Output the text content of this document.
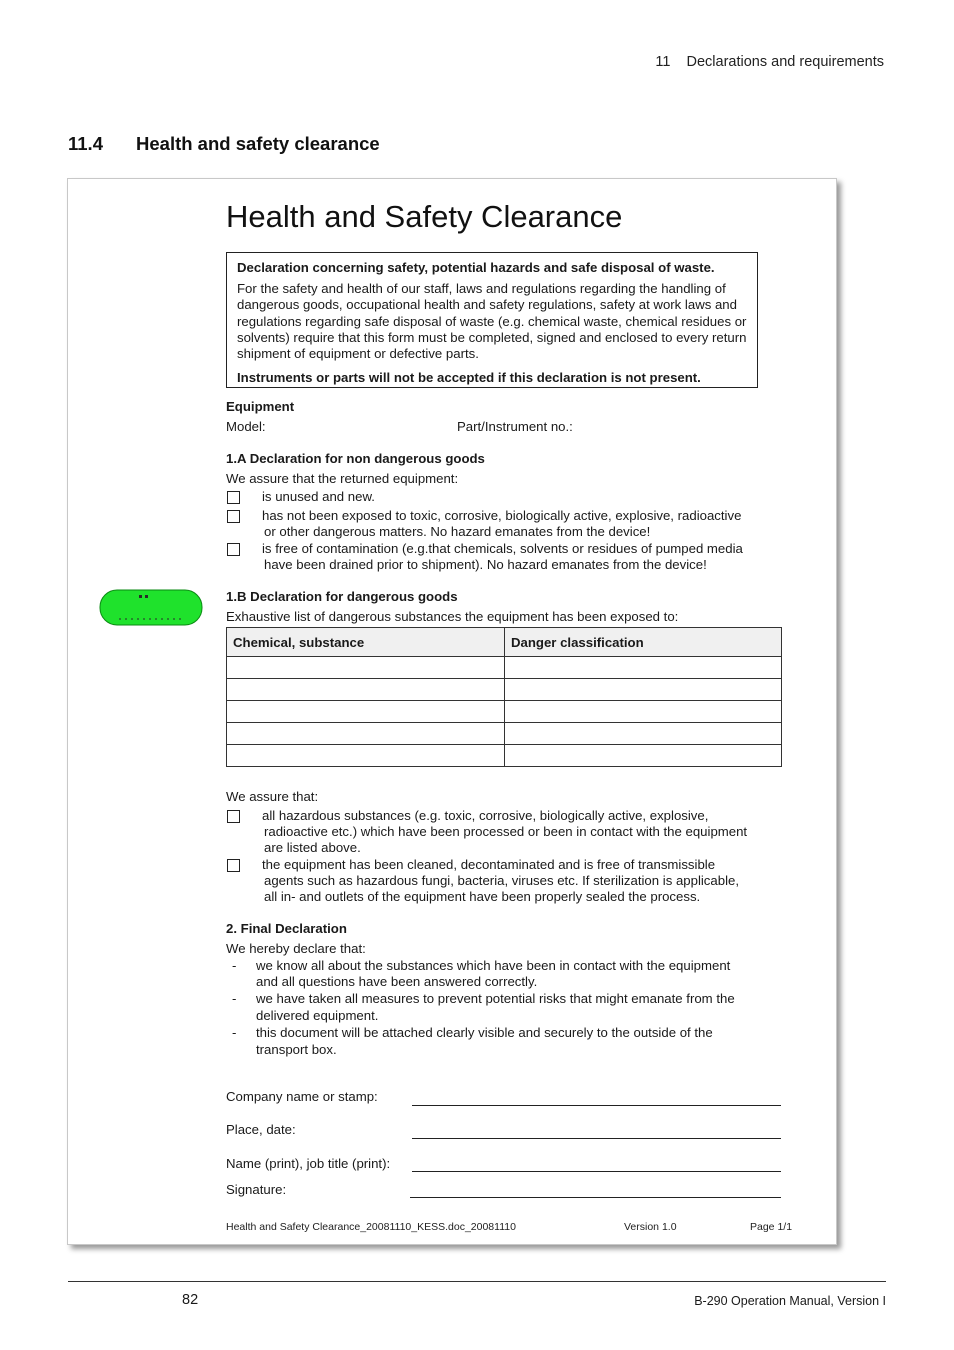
11    Declarations and requirements
11.4 Health and safety clearance
Health and Safety Clearance
Declaration concerning safety, potential hazards and safe disposal of waste.
For the safety and health of our staff, laws and regulations regarding the handling of dangerous goods, occupational health and safety regulations, safety at work laws and regulations regarding safe disposal of waste (e.g. chemical waste, chemical residues or solvents) require that this form must be completed, signed and enclosed to every return shipment of equipment or defective parts.
Instruments or parts will not be accepted if this declaration is not present.
Equipment
Model:	Part/Instrument no.:
1.A Declaration for non dangerous goods
We assure that the returned equipment:
is unused and new.
has not been exposed to toxic, corrosive, biologically active, explosive, radioactive
or other dangerous matters. No hazard emanates from the device!
is free of contamination (e.g.that chemicals, solvents or residues of pumped media
have been drained prior to shipment). No hazard emanates from the device!
1.B Declaration for dangerous goods
Exhaustive list of dangerous substances the equipment has been exposed to:
Chemical, substance	Danger classification

We assure that:
all hazardous substances (e.g. toxic, corrosive, biologically active, explosive,
radioactive etc.) which have been processed or been in contact with the equipment
are listed above.
the equipment has been cleaned, decontaminated and is free of transmissible
agents such as hazardous fungi, bacteria, viruses etc. If sterilization is applicable,
all in- and outlets of the equipment have been properly sealed the process.
2. Final Declaration
We hereby declare that:
- we know all about the substances which have been in contact with the equipment
and all questions have been answered correctly.
- we have taken all measures to prevent potential risks that might emanate from the
delivered equipment.
- this document will be attached clearly visible and securely to the outside of the
transport box.
Company name or stamp:
Place, date:
Name (print), job title (print):
Signature:
Health and Safety Clearance_20081110_KESS.doc_20081110	Version 1.0	Page 1/1
82	B-290 Operation Manual, Version I
